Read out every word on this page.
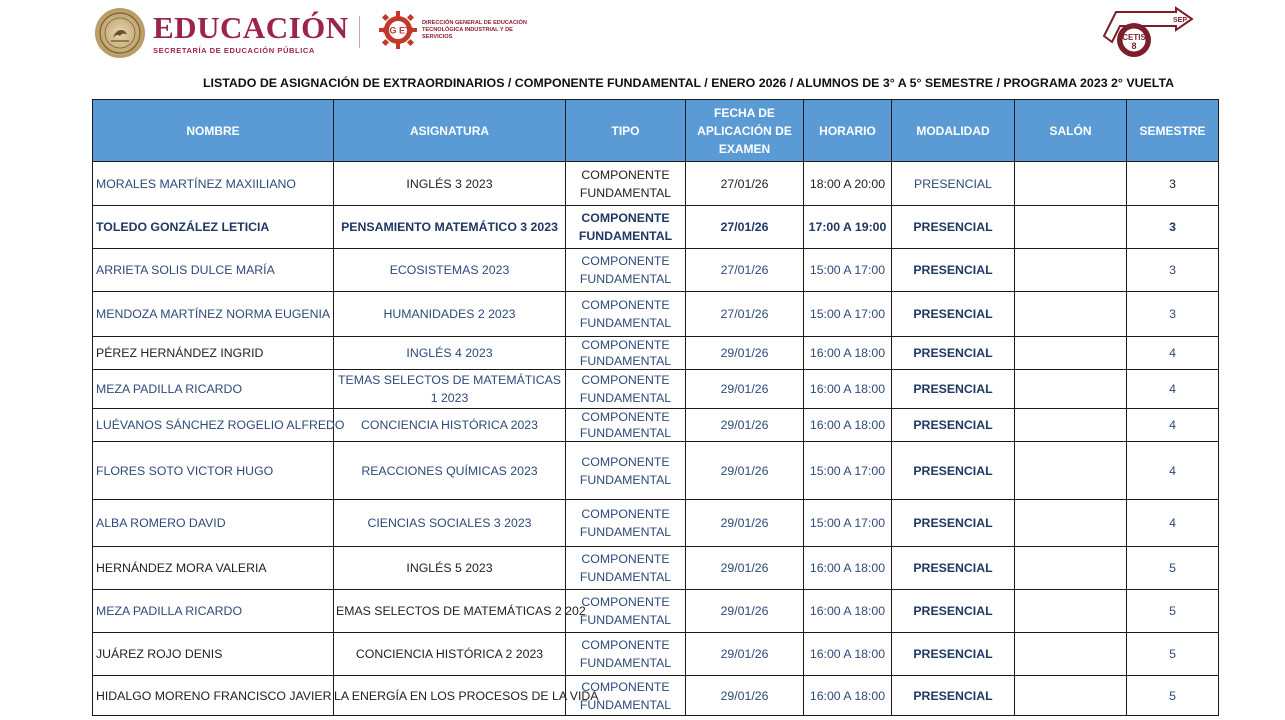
EDUCACIÓN
SECRETARÍA DE EDUCACIÓN PÚBLICA
DG ETI
DIRECCIÓN GENERAL DE EDUCACIÓN TECNOLÓGICA INDUSTRIAL Y DE SERVICIOS
SEP
CETIS
8
LISTADO DE ASIGNACIÓN DE EXTRAORDINARIOS / COMPONENTE FUNDAMENTAL / ENERO 2026 / ALUMNOS DE 3° A 5° SEMESTRE / PROGRAMA 2023 2° VUELTA
NOMBRE	ASIGNATURA	TIPO	FECHA DE APLICACIÓN DE EXAMEN	HORARIO	MODALIDAD	SALÓN	SEMESTRE
MORALES MARTÍNEZ MAXIILIANO	INGLÉS 3 2023	COMPONENTE FUNDAMENTAL	27/01/26	18:00 A 20:00	PRESENCIAL		3
TOLEDO GONZÁLEZ LETICIA	PENSAMIENTO MATEMÁTICO 3 2023	COMPONENTE FUNDAMENTAL	27/01/26	17:00 A 19:00	PRESENCIAL		3
ARRIETA SOLIS DULCE MARÍA	ECOSISTEMAS 2023	COMPONENTE FUNDAMENTAL	27/01/26	15:00 A 17:00	PRESENCIAL		3
MENDOZA MARTÍNEZ NORMA EUGENIA	HUMANIDADES 2 2023	COMPONENTE FUNDAMENTAL	27/01/26	15:00 A 17:00	PRESENCIAL		3
PÉREZ HERNÁNDEZ INGRID	INGLÉS 4 2023	COMPONENTE FUNDAMENTAL	29/01/26	16:00 A 18:00	PRESENCIAL		4
MEZA PADILLA RICARDO	TEMAS SELECTOS DE MATEMÁTICAS 1 2023	COMPONENTE FUNDAMENTAL	29/01/26	16:00 A 18:00	PRESENCIAL		4
LUÉVANOS SÁNCHEZ ROGELIO ALFREDO	CONCIENCIA HISTÓRICA 2023	COMPONENTE FUNDAMENTAL	29/01/26	16:00 A 18:00	PRESENCIAL		4
FLORES SOTO VICTOR HUGO	REACCIONES QUÍMICAS 2023	COMPONENTE FUNDAMENTAL	29/01/26	15:00 A 17:00	PRESENCIAL		4
ALBA ROMERO DAVID	CIENCIAS SOCIALES 3 2023	COMPONENTE FUNDAMENTAL	29/01/26	15:00 A 17:00	PRESENCIAL		4
HERNÁNDEZ MORA VALERIA	INGLÉS 5 2023	COMPONENTE FUNDAMENTAL	29/01/26	16:00 A 18:00	PRESENCIAL		5
MEZA PADILLA RICARDO	EMAS SELECTOS DE MATEMÁTICAS 2 202	COMPONENTE FUNDAMENTAL	29/01/26	16:00 A 18:00	PRESENCIAL		5
JUÁREZ ROJO DENIS	CONCIENCIA HISTÓRICA 2 2023	COMPONENTE FUNDAMENTAL	29/01/26	16:00 A 18:00	PRESENCIAL		5
HIDALGO MORENO FRANCISCO JAVIER	LA ENERGÍA EN LOS PROCESOS DE LA VIDA	COMPONENTE FUNDAMENTAL	29/01/26	16:00 A 18:00	PRESENCIAL		5
